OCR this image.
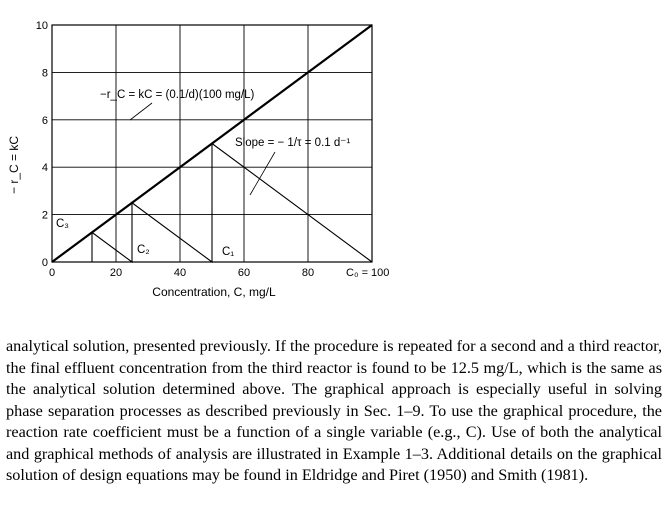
0	20	40	60	80
0
2
4
6
8
10
− r_C = kC
Concentration, C, mg/L
−r_C = kC = (0.1/d)(100 mg/L)
Slope = − 1/τ = 0.1 d⁻¹
C₀ = 100
C₁
C₂
C₃

analytical solution, presented previously. If the procedure is repeated for a second and a third reactor, the final effluent concentration from the third reactor is found to be 12.5 mg/L, which is the same as the analytical solution determined above. The graphical approach is especially useful in solving phase separation processes as described previously in Sec. 1–9. To use the graphical procedure, the reaction rate coefficient must be a function of a single variable (e.g., C). Use of both the analytical and graphical methods of analysis are illustrated in Example 1–3. Additional details on the graphical solution of design equations may be found in Eldridge and Piret (1950) and Smith (1981).
